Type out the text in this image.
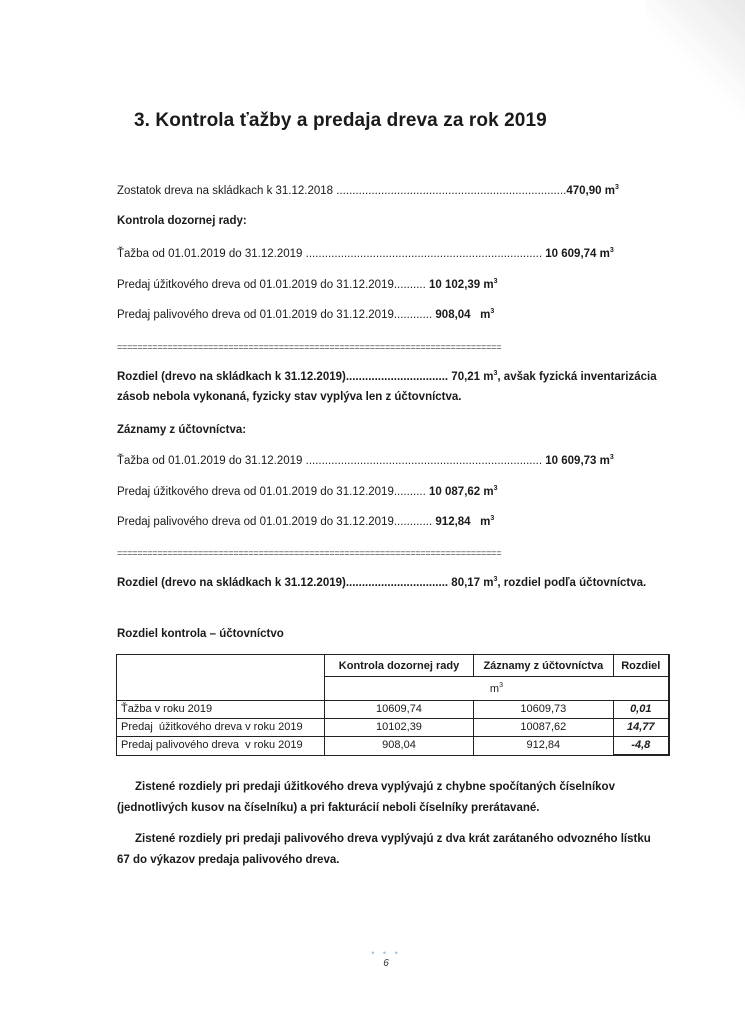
3. Kontrola ťažby a predaja dreva za rok 2019
Zostatok dreva na skládkach k 31.12.2018 ........................................................................470,90 $m^3$
Kontrola dozornej rady:
Ťažba od 01.01.2019 do 31.12.2019 .......................................................................... 10 609,74 $m^3$
Predaj úžitkového dreva od 01.01.2019 do 31.12.2019.......... 10 102,39 $m^3$
Predaj palivového dreva od 01.01.2019 do 31.12.2019............ 908,04   $m^3$
============================================================================
Rozdiel (drevo na skládkach k 31.12.2019)................................ 70,21 $m^3$, avšak fyzická inventarizácia zásob nebola vykonaná, fyzicky stav vyplýva len z účtovníctva.
Záznamy z účtovníctva:
Ťažba od 01.01.2019 do 31.12.2019 .......................................................................... 10 609,73 $m^3$
Predaj úžitkového dreva od 01.01.2019 do 31.12.2019.......... 10 087,62 $m^3$
Predaj palivového dreva od 01.01.2019 do 31.12.2019............ 912,84   $m^3$
============================================================================
Rozdiel (drevo na skládkach k 31.12.2019)................................ 80,17 $m^3$, rozdiel podľa účtovníctva.
Rozdiel kontrola – účtovníctvo
	Kontrola dozornej rady	Záznamy z účtovníctva	Rozdiel
	$m^3$
Ťažba v roku 2019	10609,74	10609,73	0,01
Predaj  úžitkového dreva v roku 2019	10102,39	10087,62	14,77
Predaj palivového dreva  v roku 2019	908,04	912,84	-4,8
Zistené rozdiely pri predaji úžitkového dreva vyplývajú z chybne spočítaných číselníkov (jednotlivých kusov na číselníku) a pri fakturácií neboli číselníky prerátavané.
Zistené rozdiely pri predaji palivového dreva vyplývajú z dva krát zarátaného odvozného lístku 67 do výkazov predaja palivového dreva.
• • •
6
